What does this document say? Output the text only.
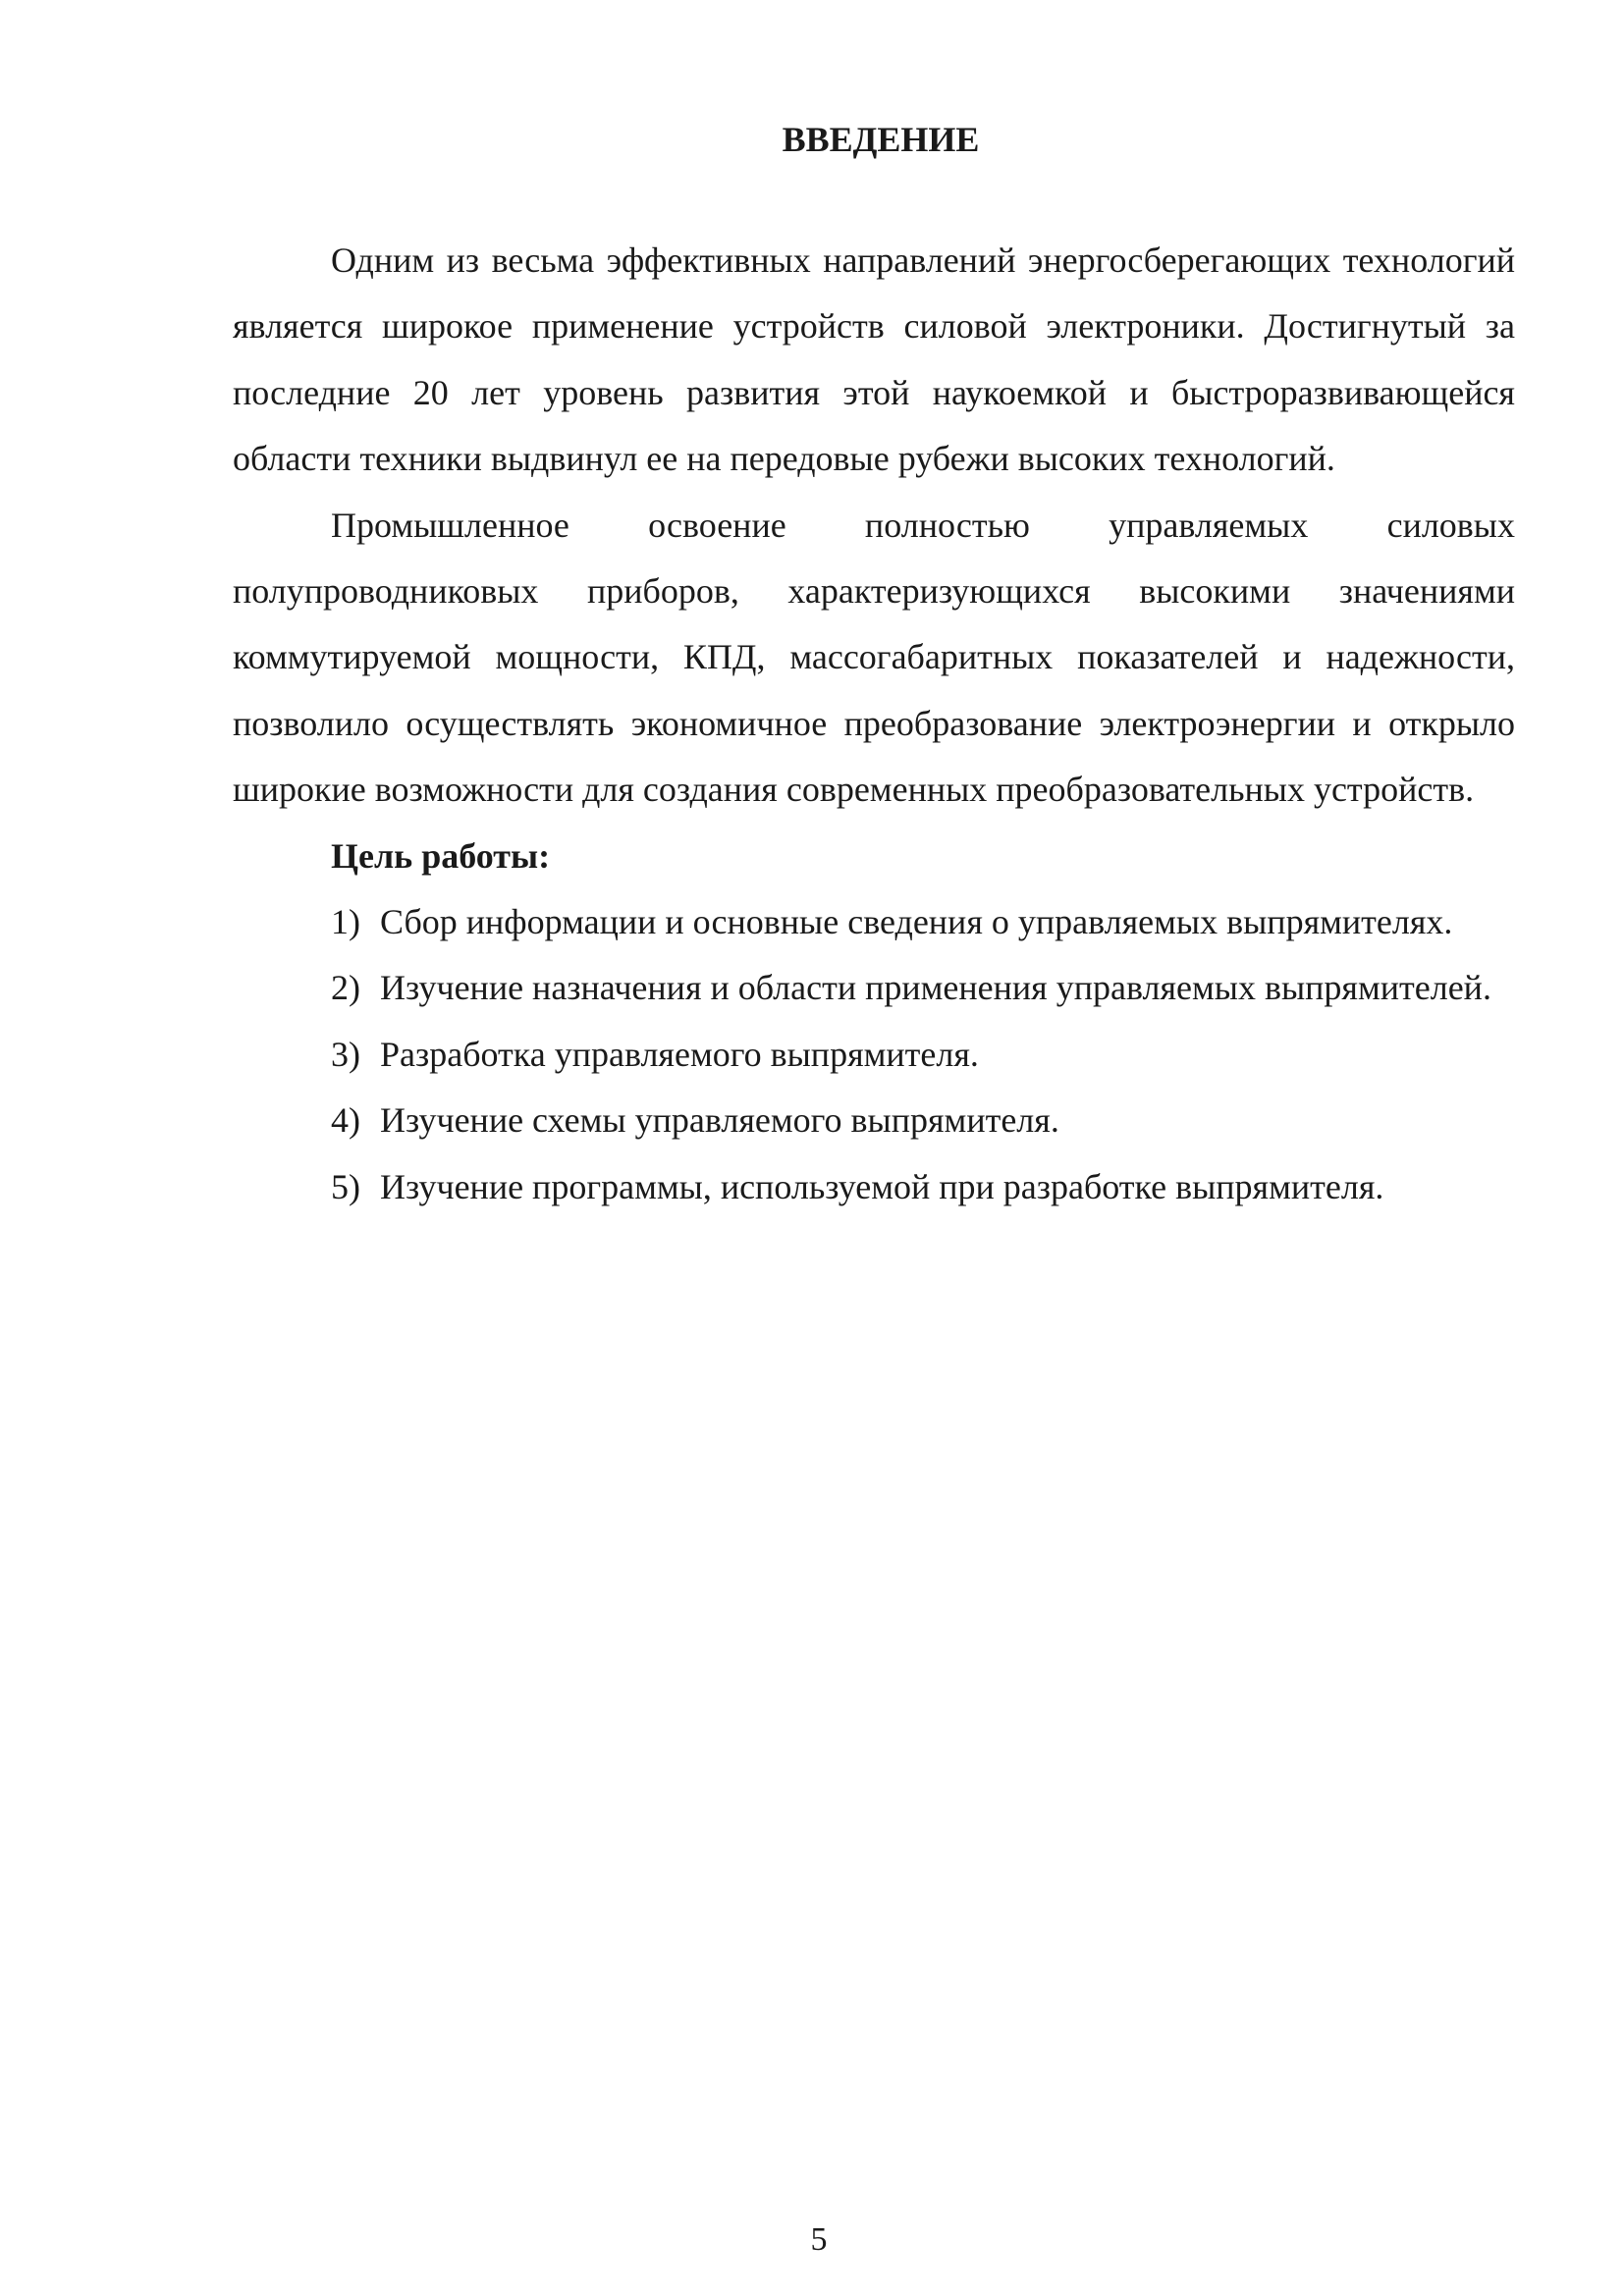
ВВЕДЕНИЕ

Одним из весьма эффективных направлений энергосберегающих технологий является широкое применение устройств силовой электроники. Достигнутый за последние 20 лет уровень развития этой наукоемкой и быстроразвивающейся области техники выдвинул ее на передовые рубежи высоких технологий.

Промышленное освоение полностью управляемых силовых полупроводниковых приборов, характеризующихся высокими значениями коммутируемой мощности, КПД, массогабаритных показателей и надежности, позволило осуществлять экономичное преобразование электроэнергии и открыло широкие возможности для создания современных преобразовательных устройств.

Цель работы:

1) Сбор информации и основные сведения о управляемых выпрямителях.
2) Изучение назначения и области применения управляемых выпрямителей.
3) Разработка управляемого выпрямителя.
4) Изучение схемы управляемого выпрямителя.
5) Изучение программы, используемой при разработке выпрямителя.
5
